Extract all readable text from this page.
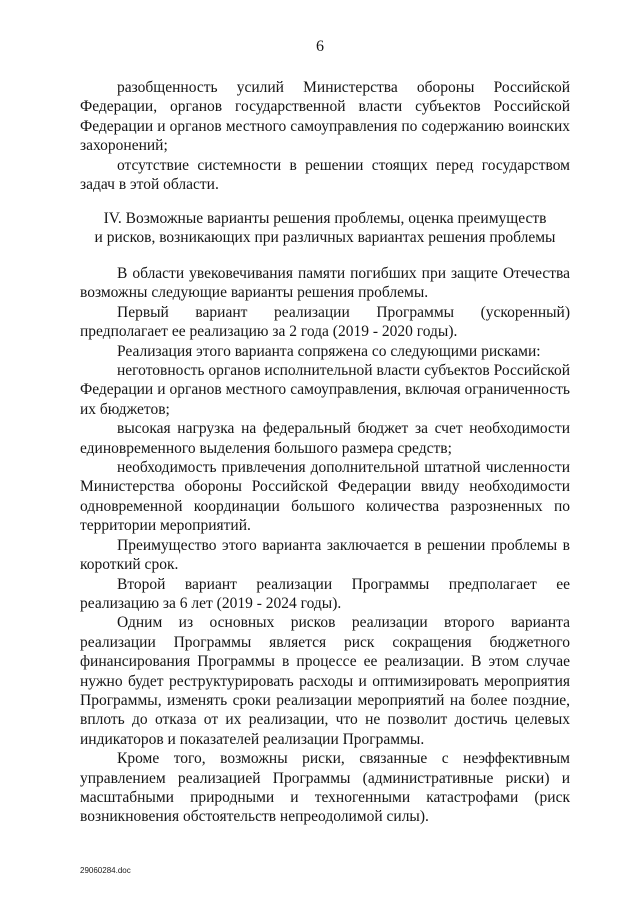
6

разобщенность усилий Министерства обороны Российской Федерации, органов государственной власти субъектов Российской Федерации и органов местного самоуправления по содержанию воинских захоронений;

отсутствие системности в решении стоящих перед государством задач в этой области.

IV. Возможные варианты решения проблемы, оценка преимуществ
и рисков, возникающих при различных вариантах решения проблемы

В области увековечивания памяти погибших при защите Отечества возможны следующие варианты решения проблемы.

Первый вариант реализации Программы (ускоренный) предполагает ее реализацию за 2 года (2019 - 2020 годы).

Реализация этого варианта сопряжена со следующими рисками:

неготовность органов исполнительной власти субъектов Российской Федерации и органов местного самоуправления, включая ограниченность их бюджетов;

высокая нагрузка на федеральный бюджет за счет необходимости единовременного выделения большого размера средств;

необходимость привлечения дополнительной штатной численности Министерства обороны Российской Федерации ввиду необходимости одновременной координации большого количества разрозненных по территории мероприятий.

Преимущество этого варианта заключается в решении проблемы в короткий срок.

Второй вариант реализации Программы предполагает ее реализацию за 6 лет (2019 - 2024 годы).

Одним из основных рисков реализации второго варианта реализации Программы является риск сокращения бюджетного финансирования Программы в процессе ее реализации. В этом случае нужно будет реструктурировать расходы и оптимизировать мероприятия Программы, изменять сроки реализации мероприятий на более поздние, вплоть до отказа от их реализации, что не позволит достичь целевых индикаторов и показателей реализации Программы.

Кроме того, возможны риски, связанные с неэффективным управлением реализацией Программы (административные риски) и масштабными природными и техногенными катастрофами (риск возникновения обстоятельств непреодолимой силы).

29060284.doc
